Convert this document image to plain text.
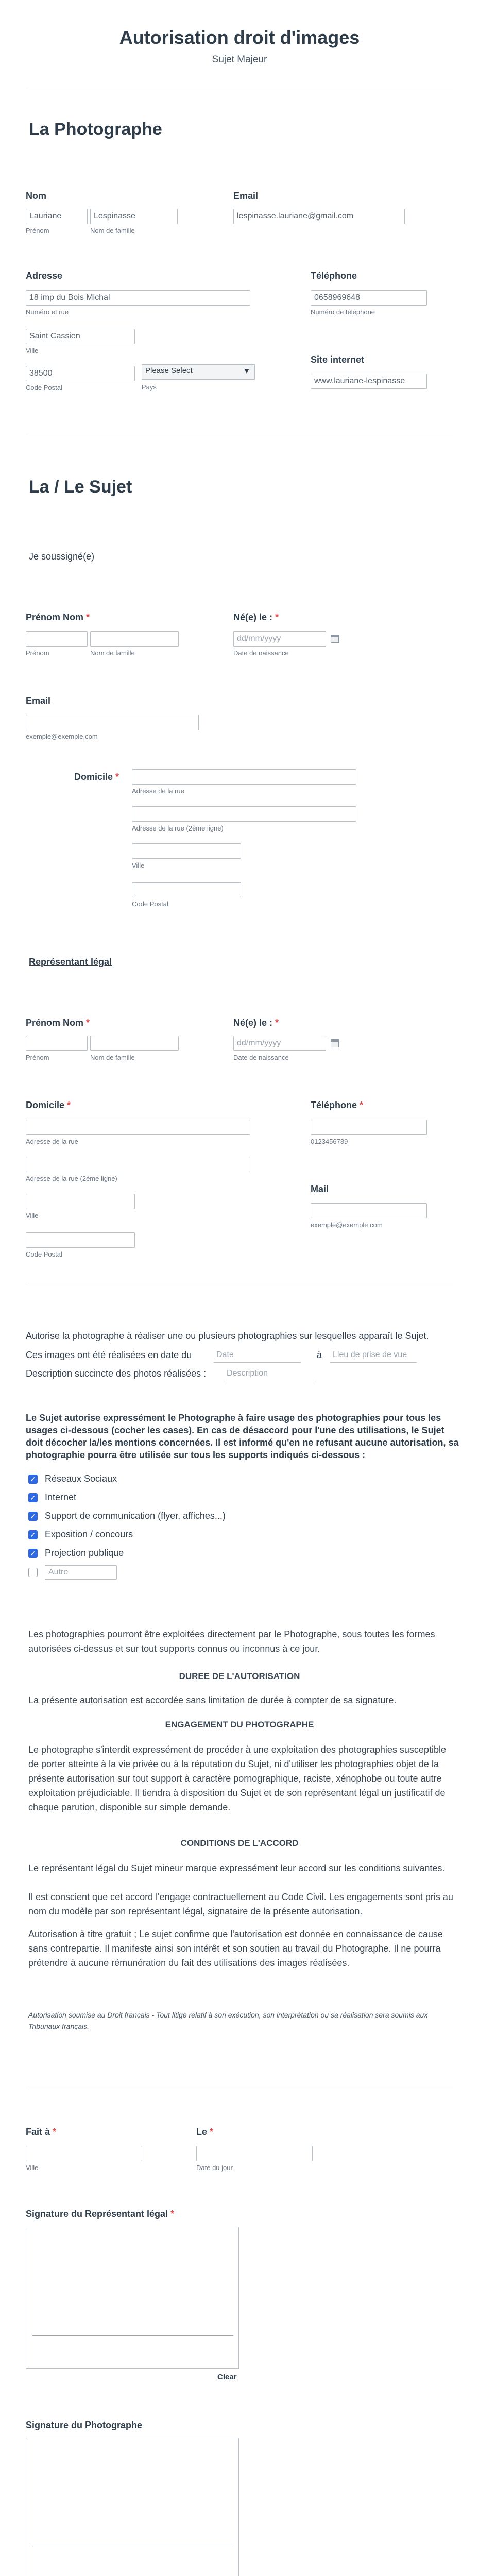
Autorisation droit d'images
Sujet Majeur
La Photographe
Nom
Lauriane
Lespinasse
Prénom	Nom de famille
Email
lespinasse.lauriane@gmail.com
Adresse
18 imp du Bois Michal
Numéro et rue
Saint Cassien
Ville
38500
Code Postal
Please Select	▼
Pays
Téléphone
0658969648
Numéro de téléphone
Site internet
www.lauriane-lespinasse
La / Le Sujet
Je soussigné(e)
Prénom Nom *
Prénom	Nom de famille
Né(e) le : *
dd/mm/yyyy
Date de naissance
Email
exemple@exemple.com
Domicile *
Adresse de la rue
Adresse de la rue (2ème ligne)
Ville
Code Postal
Représentant légal
Prénom Nom *
Prénom	Nom de famille
Né(e) le : *
dd/mm/yyyy
Date de naissance
Domicile *
Adresse de la rue
Adresse de la rue (2ème ligne)
Ville
Code Postal
Téléphone *
0123456789
Mail
exemple@exemple.com
Autorise la photographe à réaliser une ou plusieurs photographies sur lesquelles apparaît le Sujet.
Ces images ont été réalisées en date du
Date	à
Lieu de prise de vue
Description succincte des photos réalisées :
Description
Le Sujet autorise expressément le Photographe à faire usage des photographies pour tous les usages ci-dessous (cocher les cases). En cas de désaccord pour l'une des utilisations, le Sujet doit décocher la/les mentions concernées. Il est informé qu'en ne refusant aucune autorisation, sa photographie pourra être utilisée sur tous les supports indiqués ci-dessous :
✓ Réseaux Sociaux
✓ Internet
✓ Support de communication (flyer, affiches...)
✓ Exposition / concours
✓ Projection publique
Autre
Les photographies pourront être exploitées directement par le Photographe, sous toutes les formes autorisées ci-dessus et sur tout supports connus ou inconnus à ce jour.
DUREE DE L'AUTORISATION
La présente autorisation est accordée sans limitation de durée à compter de sa signature.
ENGAGEMENT DU PHOTOGRAPHE
Le photographe s'interdit expressément de procéder à une exploitation des photographies susceptible de porter atteinte à la vie privée ou à la réputation du Sujet, ni d'utiliser les photographies objet de la présente autorisation sur tout support à caractère pornographique, raciste, xénophobe ou toute autre exploitation préjudiciable. Il tiendra à disposition du Sujet et de son représentant légal un justificatif de chaque parution, disponible sur simple demande.
CONDITIONS DE L'ACCORD
Le représentant légal du Sujet mineur marque expressément leur accord sur les conditions suivantes.
Il est conscient que cet accord l'engage contractuellement au Code Civil. Les engagements sont pris au nom du modèle par son représentant légal, signataire de la présente autorisation.
Autorisation à titre gratuit ; Le sujet confirme que l'autorisation est donnée en connaissance de cause sans contrepartie. Il manifeste ainsi son intérêt et son soutien au travail du Photographe. Il ne pourra prétendre à aucune rémunération du fait des utilisations des images réalisées.
Autorisation soumise au Droit français - Tout litige relatif à son exécution, son interprétation ou sa réalisation sera soumis aux Tribunaux français.
Fait à *
Ville
Le *
Date du jour
Signature du Représentant légal *
Clear
Signature du Photographe
